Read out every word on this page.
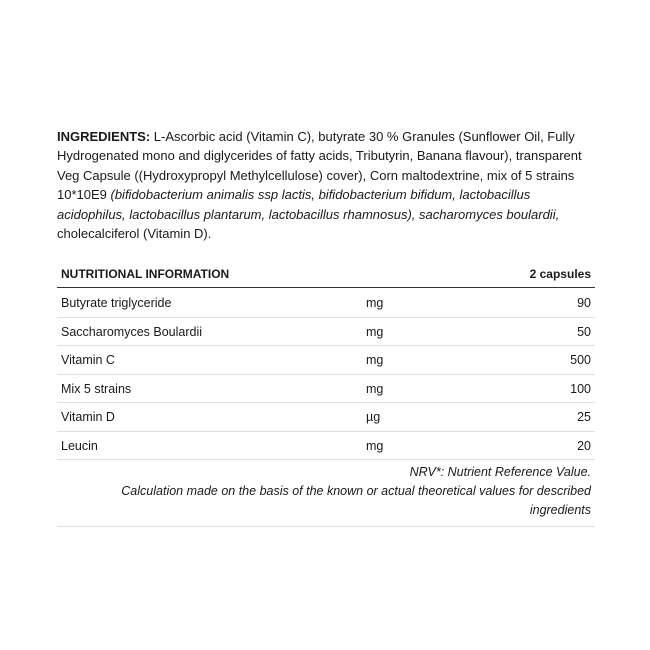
INGREDIENTS: L-Ascorbic acid (Vitamin C), butyrate 30 % Granules (Sunflower Oil, Fully Hydrogenated mono and diglycerides of fatty acids, Tributyrin, Banana flavour), transparent Veg Capsule ((Hydroxypropyl Methylcellulose) cover), Corn maltodextrine, mix of 5 strains 10*10E9 (bifidobacterium animalis ssp lactis, bifidobacterium bifidum, lactobacillus acidophilus, lactobacillus plantarum, lactobacillus rhamnosus), sacharomyces boulardii, cholecalciferol (Vitamin D).

NUTRITIONAL INFORMATION	2 capsules
Butyrate triglyceride	mg	90
Saccharomyces Boulardii	mg	50
Vitamin C	mg	500
Mix 5 strains	mg	100
Vitamin D	µg	25
Leucin	mg	20
NRV*: Nutrient Reference Value.
Calculation made on the basis of the known or actual theoretical values for described ingredients
